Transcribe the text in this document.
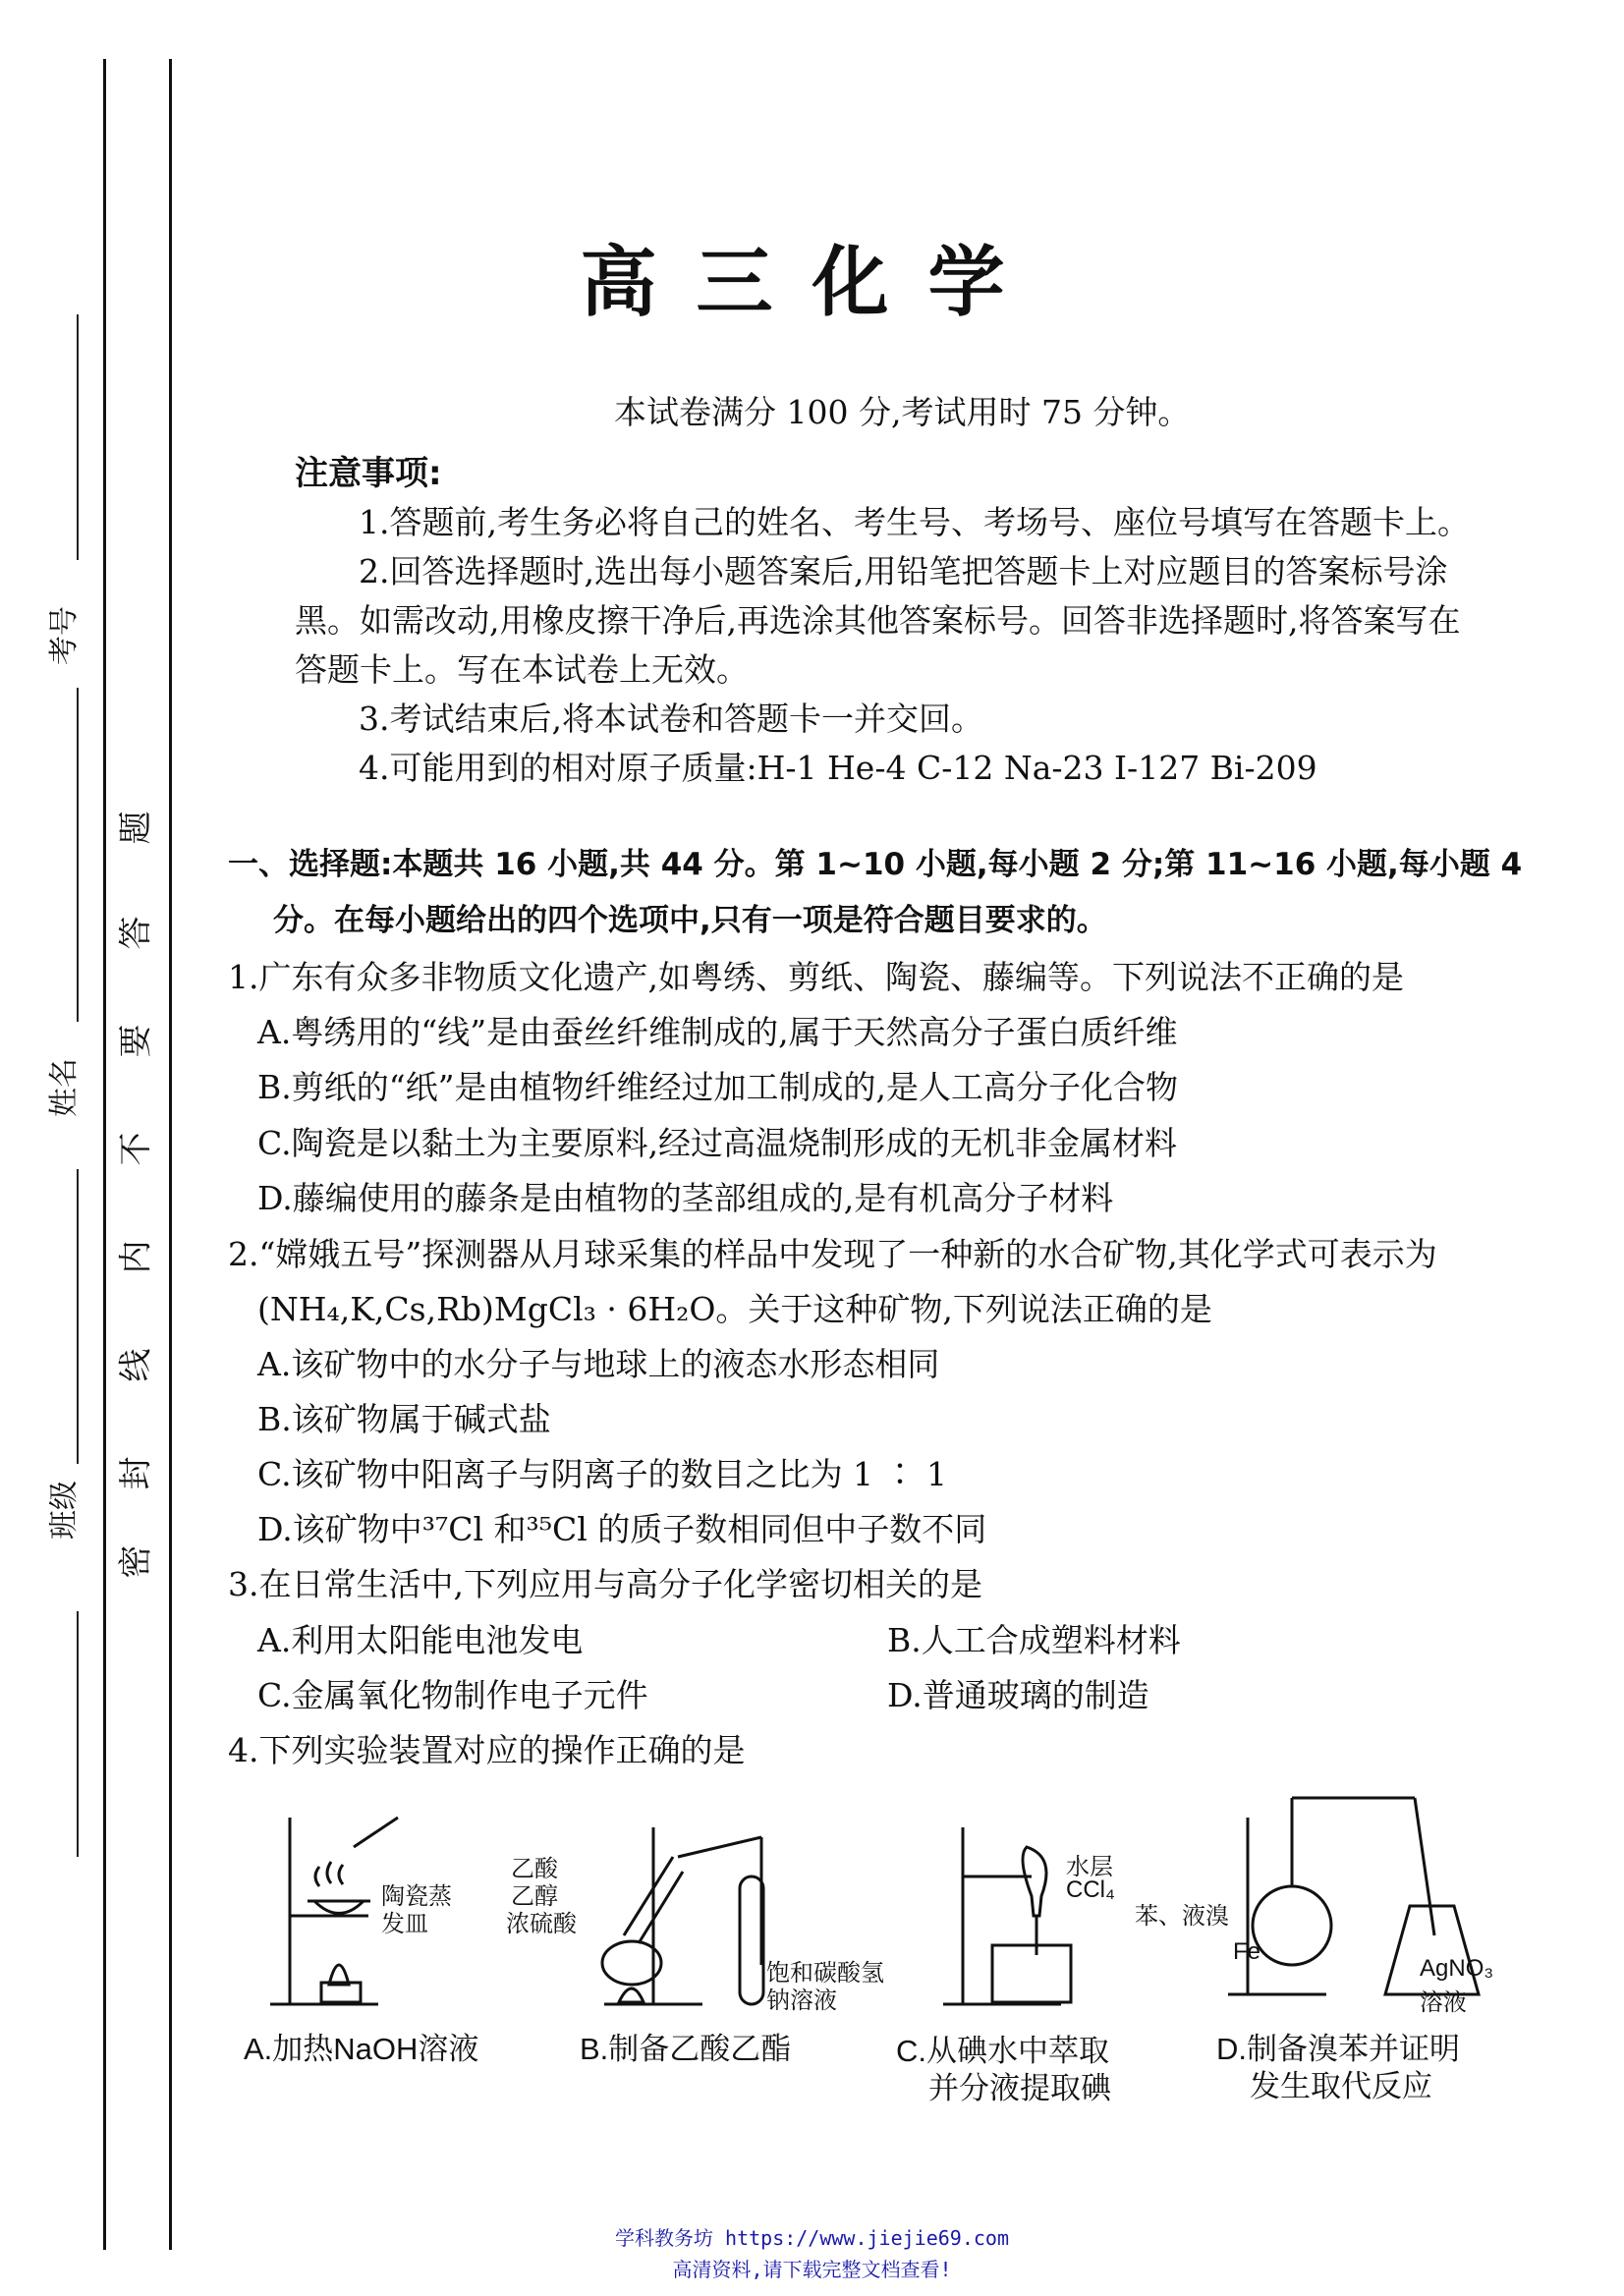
考号
姓名
班级
题
答
要
不
内
线
封
密
高三化学
本试卷满分 100 分,考试用时 75 分钟。
注意事项:
1.答题前,考生务必将自己的姓名、考生号、考场号、座位号填写在答题卡上。
2.回答选择题时,选出每小题答案后,用铅笔把答题卡上对应题目的答案标号涂
黑。如需改动,用橡皮擦干净后,再选涂其他答案标号。回答非选择题时,将答案写在
答题卡上。写在本试卷上无效。
3.考试结束后,将本试卷和答题卡一并交回。
4.可能用到的相对原子质量:H-1 He-4 C-12 Na-23 I-127 Bi-209
一、选择题:本题共 16 小题,共 44 分。第 1~10 小题,每小题 2 分;第 11~16 小题,每小题 4
分。在每小题给出的四个选项中,只有一项是符合题目要求的。
1.广东有众多非物质文化遗产,如粤绣、剪纸、陶瓷、藤编等。下列说法不正确的是
A.粤绣用的“线”是由蚕丝纤维制成的,属于天然高分子蛋白质纤维
B.剪纸的“纸”是由植物纤维经过加工制成的,是人工高分子化合物
C.陶瓷是以黏土为主要原料,经过高温烧制形成的无机非金属材料
D.藤编使用的藤条是由植物的茎部组成的,是有机高分子材料
2.“嫦娥五号”探测器从月球采集的样品中发现了一种新的水合矿物,其化学式可表示为
(NH₄,K,Cs,Rb)MgCl₃ · 6H₂O。关于这种矿物,下列说法正确的是
A.该矿物中的水分子与地球上的液态水形态相同
B.该矿物属于碱式盐
C.该矿物中阳离子与阴离子的数目之比为 1 ∶ 1
D.该矿物中³⁷Cl 和³⁵Cl 的质子数相同但中子数不同
3.在日常生活中,下列应用与高分子化学密切相关的是
A.利用太阳能电池发电	B.人工合成塑料材料
C.金属氧化物制作电子元件	D.普通玻璃的制造
4.下列实验装置对应的操作正确的是
陶瓷蒸
发皿
A.加热NaOH溶液
乙酸
乙醇
浓硫酸
饱和碳酸氢
钠溶液
B.制备乙酸乙酯
水层
CCl₄
C.从碘水中萃取
并分液提取碘
苯、液溴
Fe
AgNO₃
溶液
D.制备溴苯并证明
发生取代反应
学科教务坊 https://www.jiejie69.com
高清资料,请下载完整文档查看!
